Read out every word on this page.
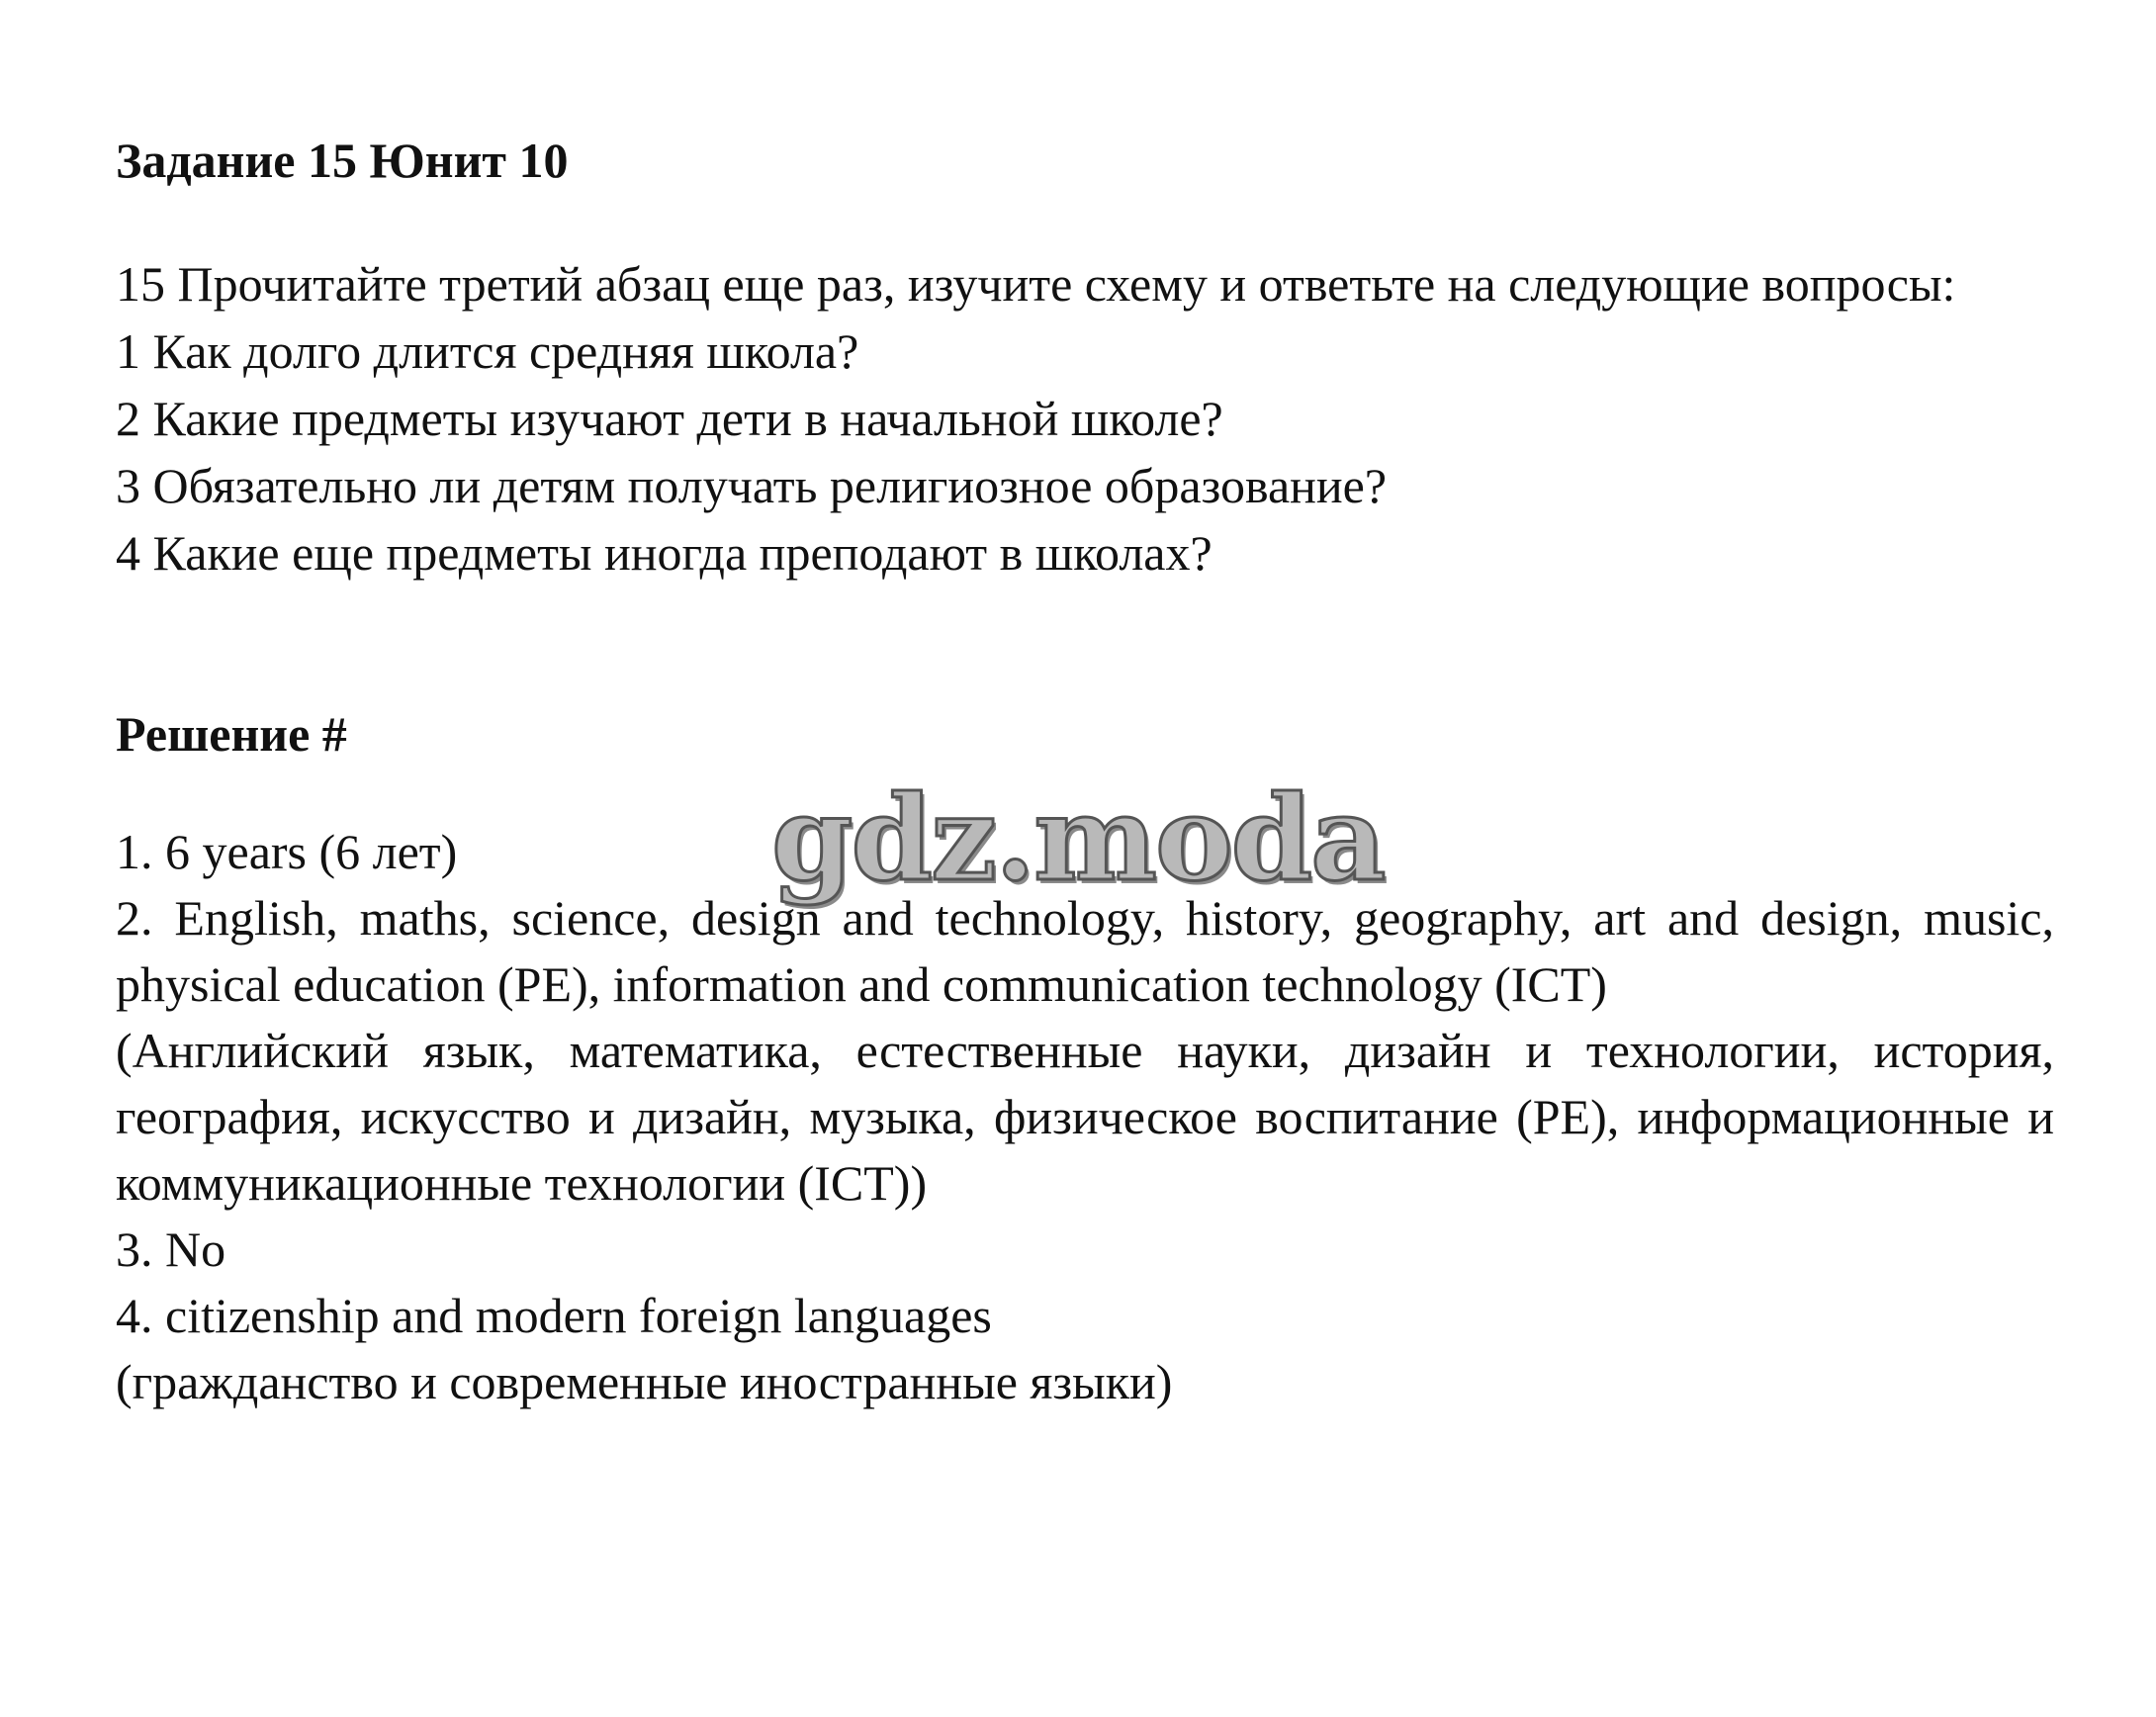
Задание 15 Юнит 10
15 Прочитайте третий абзац еще раз, изучите схему и ответьте на следующие вопросы:
1 Как долго длится средняя школа?
2 Какие предметы изучают дети в начальной школе?
3 Обязательно ли детям получать религиозное образование?
4 Какие еще предметы иногда преподают в школах?
Решение #
1. 6 years (6 лет)
2. English, maths, science, design and technology, history, geography, art and design, music, physical education (PE), information and communication technology (ICT)
(Английский язык, математика, естественные науки, дизайн и технологии, история, география, искусство и дизайн, музыка, физическое воспитание (PE), информационные и коммуникационные технологии (ICT))
3. No
4. citizenship and modern foreign languages
(гражданство и современные иностранные языки)
gdz.moda
